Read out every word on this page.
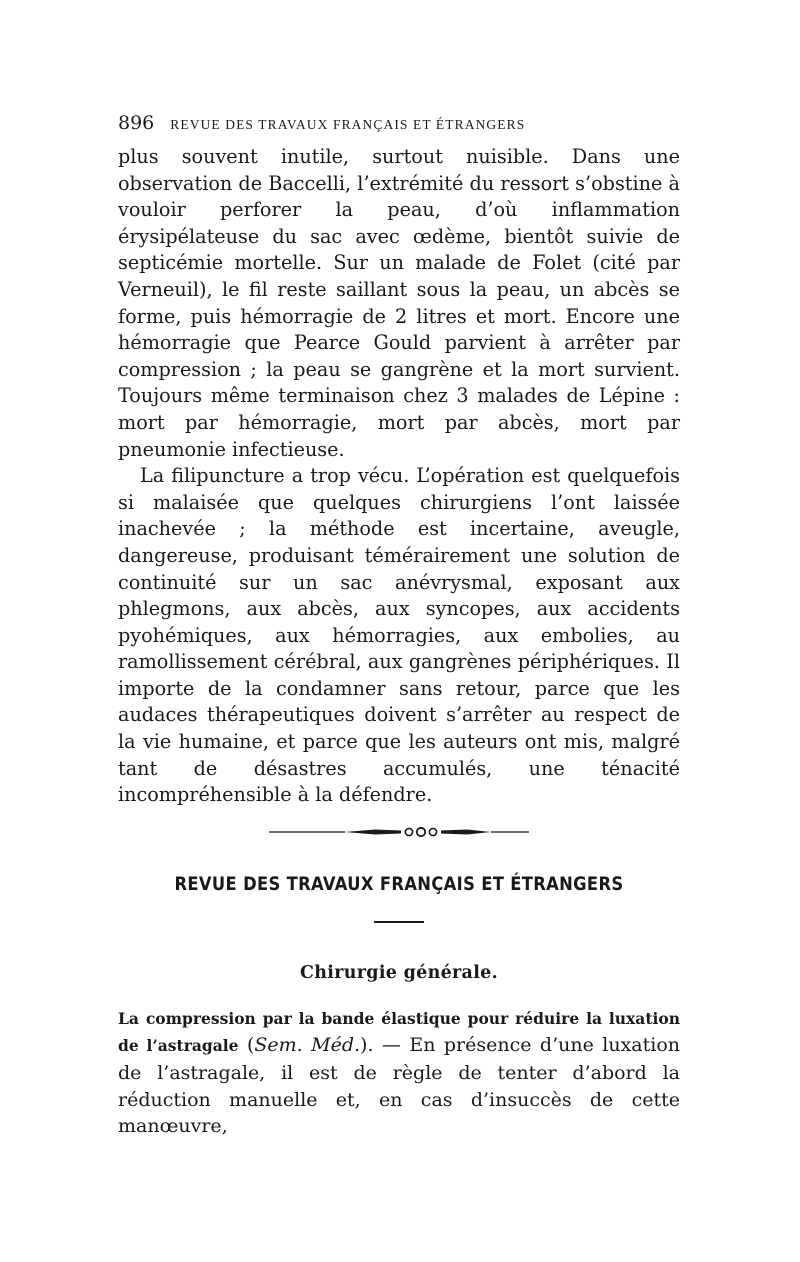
896 REVUE DES TRAVAUX FRANÇAIS ET ÉTRANGERS

plus souvent inutile, surtout nuisible. Dans une observation de Baccelli, l’extrémité du ressort s’obstine à vouloir perforer la peau, d’où inflammation érysipélateuse du sac avec œdème, bientôt suivie de septicémie mortelle. Sur un malade de Folet (cité par Verneuil), le fil reste saillant sous la peau, un abcès se forme, puis hémorragie de 2 litres et mort. Encore une hémorragie que Pearce Gould parvient à arrêter par compression ; la peau se gangrène et la mort survient. Toujours même terminaison chez 3 malades de Lépine : mort par hémorragie, mort par abcès, mort par pneumonie infectieuse.

La filipuncture a trop vécu. L’opération est quelquefois si malaisée que quelques chirurgiens l’ont laissée inachevée ; la méthode est incertaine, aveugle, dangereuse, produisant témérairement une solution de continuité sur un sac anévrysmal, exposant aux phlegmons, aux abcès, aux syncopes, aux accidents pyohémiques, aux hémorragies, aux embolies, au ramollissement cérébral, aux gangrènes périphériques. Il importe de la condamner sans retour, parce que les audaces thérapeutiques doivent s’arrêter au respect de la vie humaine, et parce que les auteurs ont mis, malgré tant de désastres accumulés, une ténacité incompréhensible à la défendre.

REVUE DES TRAVAUX FRANÇAIS ET ÉTRANGERS
Chirurgie générale.
La compression par la bande élastique pour réduire la luxation de l’astragale (Sem. Méd.). — En présence d’une luxation de l’astragale, il est de règle de tenter d’abord la réduction manuelle et, en cas d’insuccès de cette manœuvre,
